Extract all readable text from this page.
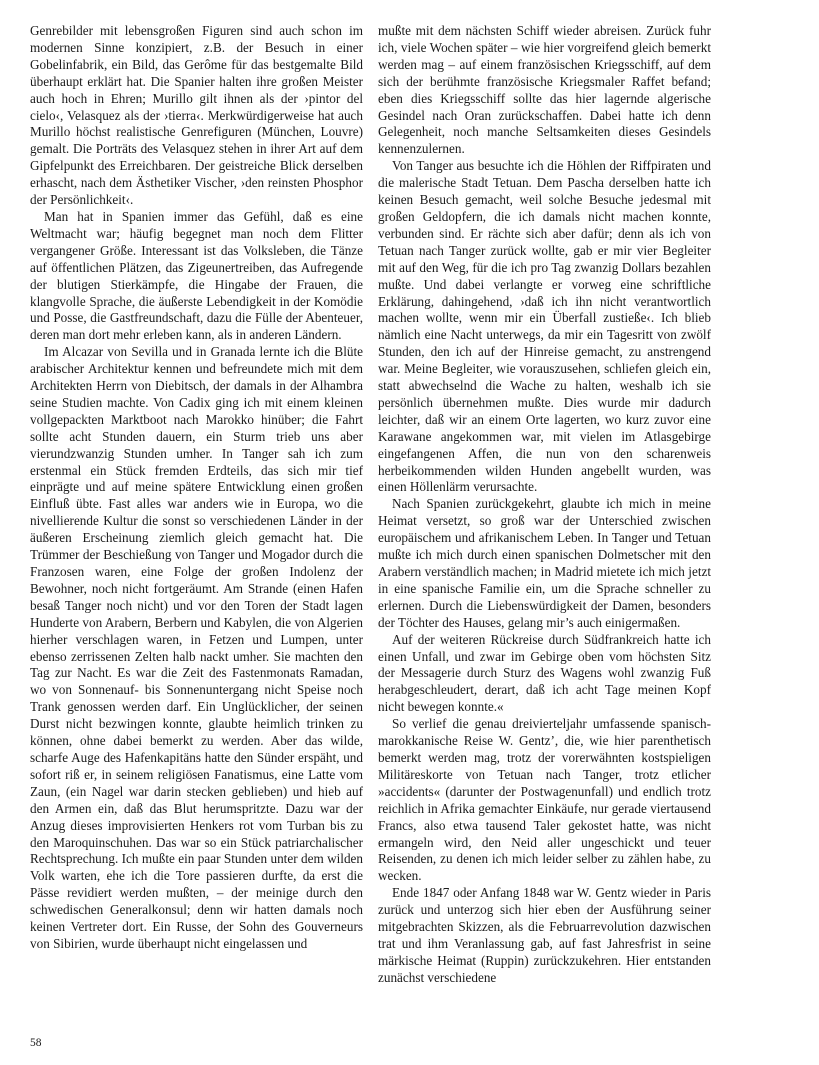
Genrebilder mit lebensgroßen Figuren sind auch schon im modernen Sinne konzipiert, z.B. der Besuch in einer Gobelinfabrik, ein Bild, das Gerôme für das bestgemalte Bild überhaupt erklärt hat. Die Spanier halten ihre großen Meister auch hoch in Ehren; Murillo gilt ihnen als der ›pintor del cielo‹, Velasquez als der ›tierra‹. Merkwürdigerweise hat auch Murillo höchst realistische Genrefiguren (München, Louvre) gemalt. Die Porträts des Velasquez stehen in ihrer Art auf dem Gipfelpunkt des Erreichbaren. Der geistreiche Blick derselben erhascht, nach dem Ästhetiker Vischer, ›den reinsten Phosphor der Persönlichkeit‹.

Man hat in Spanien immer das Gefühl, daß es eine Weltmacht war; häufig begegnet man noch dem Flitter vergangener Größe. Interessant ist das Volksleben, die Tänze auf öffentlichen Plätzen, das Zigeunertreiben, das Aufregende der blutigen Stierkämpfe, die Hingabe der Frauen, die klangvolle Sprache, die äußerste Lebendigkeit in der Komödie und Posse, die Gastfreundschaft, dazu die Fülle der Abenteuer, deren man dort mehr erleben kann, als in anderen Ländern.

Im Alcazar von Sevilla und in Granada lernte ich die Blüte arabischer Architektur kennen und befreundete mich mit dem Architekten Herrn von Diebitsch, der damals in der Alhambra seine Studien machte. Von Cadix ging ich mit einem kleinen vollgepackten Marktboot nach Marokko hinüber; die Fahrt sollte acht Stunden dauern, ein Sturm trieb uns aber vierundzwanzig Stunden umher. In Tanger sah ich zum erstenmal ein Stück fremden Erdteils, das sich mir tief einprägte und auf meine spätere Entwicklung einen großen Einfluß übte. Fast alles war anders wie in Europa, wo die nivellierende Kultur die sonst so verschiedenen Länder in der äußeren Erscheinung ziemlich gleich gemacht hat. Die Trümmer der Beschießung von Tanger und Mogador durch die Franzosen waren, eine Folge der großen Indolenz der Bewohner, noch nicht fortgeräumt. Am Strande (einen Hafen besaß Tanger noch nicht) und vor den Toren der Stadt lagen Hunderte von Arabern, Berbern und Kabylen, die von Algerien hierher verschlagen waren, in Fetzen und Lumpen, unter ebenso zerrissenen Zelten halb nackt umher. Sie machten den Tag zur Nacht. Es war die Zeit des Fastenmonats Ramadan, wo von Sonnenauf- bis Sonnenuntergang nicht Speise noch Trank genossen werden darf. Ein Unglücklicher, der seinen Durst nicht bezwingen konnte, glaubte heimlich trinken zu können, ohne dabei bemerkt zu werden. Aber das wilde, scharfe Auge des Hafenkapitäns hatte den Sünder erspäht, und sofort riß er, in seinem religiösen Fanatismus, eine Latte vom Zaun, (ein Nagel war darin stecken geblieben) und hieb auf den Armen ein, daß das Blut herumspritzte. Dazu war der Anzug dieses improvisierten Henkers rot vom Turban bis zu den Maroquinschuhen. Das war so ein Stück patriarchalischer Rechtsprechung. Ich mußte ein paar Stunden unter dem wilden Volk warten, ehe ich die Tore passieren durfte, da erst die Pässe revidiert werden mußten, – der meinige durch den schwedischen Generalkonsul; denn wir hatten damals noch keinen Vertreter dort. Ein Russe, der Sohn des Gouverneurs von Sibirien, wurde überhaupt nicht eingelassen und

mußte mit dem nächsten Schiff wieder abreisen. Zurück fuhr ich, viele Wochen später – wie hier vorgreifend gleich bemerkt werden mag – auf einem französischen Kriegsschiff, auf dem sich der berühmte französische Kriegsmaler Raffet befand; eben dies Kriegsschiff sollte das hier lagernde algerische Gesindel nach Oran zurückschaffen. Dabei hatte ich denn Gelegenheit, noch manche Seltsamkeiten dieses Gesindels kennenzulernen.

Von Tanger aus besuchte ich die Höhlen der Riffpiraten und die malerische Stadt Tetuan. Dem Pascha derselben hatte ich keinen Besuch gemacht, weil solche Besuche jedesmal mit großen Geldopfern, die ich damals nicht machen konnte, verbunden sind. Er rächte sich aber dafür; denn als ich von Tetuan nach Tanger zurück wollte, gab er mir vier Begleiter mit auf den Weg, für die ich pro Tag zwanzig Dollars bezahlen mußte. Und dabei verlangte er vorweg eine schriftliche Erklärung, dahingehend, ›daß ich ihn nicht verantwortlich machen wollte, wenn mir ein Überfall zustieße‹. Ich blieb nämlich eine Nacht unterwegs, da mir ein Tagesritt von zwölf Stunden, den ich auf der Hinreise gemacht, zu anstrengend war. Meine Begleiter, wie vorauszusehen, schliefen gleich ein, statt abwechselnd die Wache zu halten, weshalb ich sie persönlich übernehmen mußte. Dies wurde mir dadurch leichter, daß wir an einem Orte lagerten, wo kurz zuvor eine Karawane angekommen war, mit vielen im Atlasgebirge eingefangenen Affen, die nun von den scharenweis herbeikommenden wilden Hunden angebellt wurden, was einen Höllenlärm verursachte.

Nach Spanien zurückgekehrt, glaubte ich mich in meine Heimat versetzt, so groß war der Unterschied zwischen europäischem und afrikanischem Leben. In Tanger und Tetuan mußte ich mich durch einen spanischen Dolmetscher mit den Arabern verständlich machen; in Madrid mietete ich mich jetzt in eine spanische Familie ein, um die Sprache schneller zu erlernen. Durch die Liebenswürdigkeit der Damen, besonders der Töchter des Hauses, gelang mir’s auch einigermaßen.

Auf der weiteren Rückreise durch Südfrankreich hatte ich einen Unfall, und zwar im Gebirge oben vom höchsten Sitz der Messagerie durch Sturz des Wagens wohl zwanzig Fuß herabgeschleudert, derart, daß ich acht Tage meinen Kopf nicht bewegen konnte.«

So verlief die genau dreivierteljahr umfassende spanisch-marokkanische Reise W. Gentz’, die, wie hier parenthetisch bemerkt werden mag, trotz der vorerwähnten kostspieligen Militäreskorte von Tetuan nach Tanger, trotz etlicher »accidents« (darunter der Postwagenunfall) und endlich trotz reichlich in Afrika gemachter Einkäufe, nur gerade viertausend Francs, also etwa tausend Taler gekostet hatte, was nicht ermangeln wird, den Neid aller ungeschickt und teuer Reisenden, zu denen ich mich leider selber zu zählen habe, zu wecken.

Ende 1847 oder Anfang 1848 war W. Gentz wieder in Paris zurück und unterzog sich hier eben der Ausführung seiner mitgebrachten Skizzen, als die Februarrevolution dazwischen trat und ihm Veranlassung gab, auf fast Jahresfrist in seine märkische Heimat (Ruppin) zurückzukehren. Hier entstanden zunächst verschiedene

58
